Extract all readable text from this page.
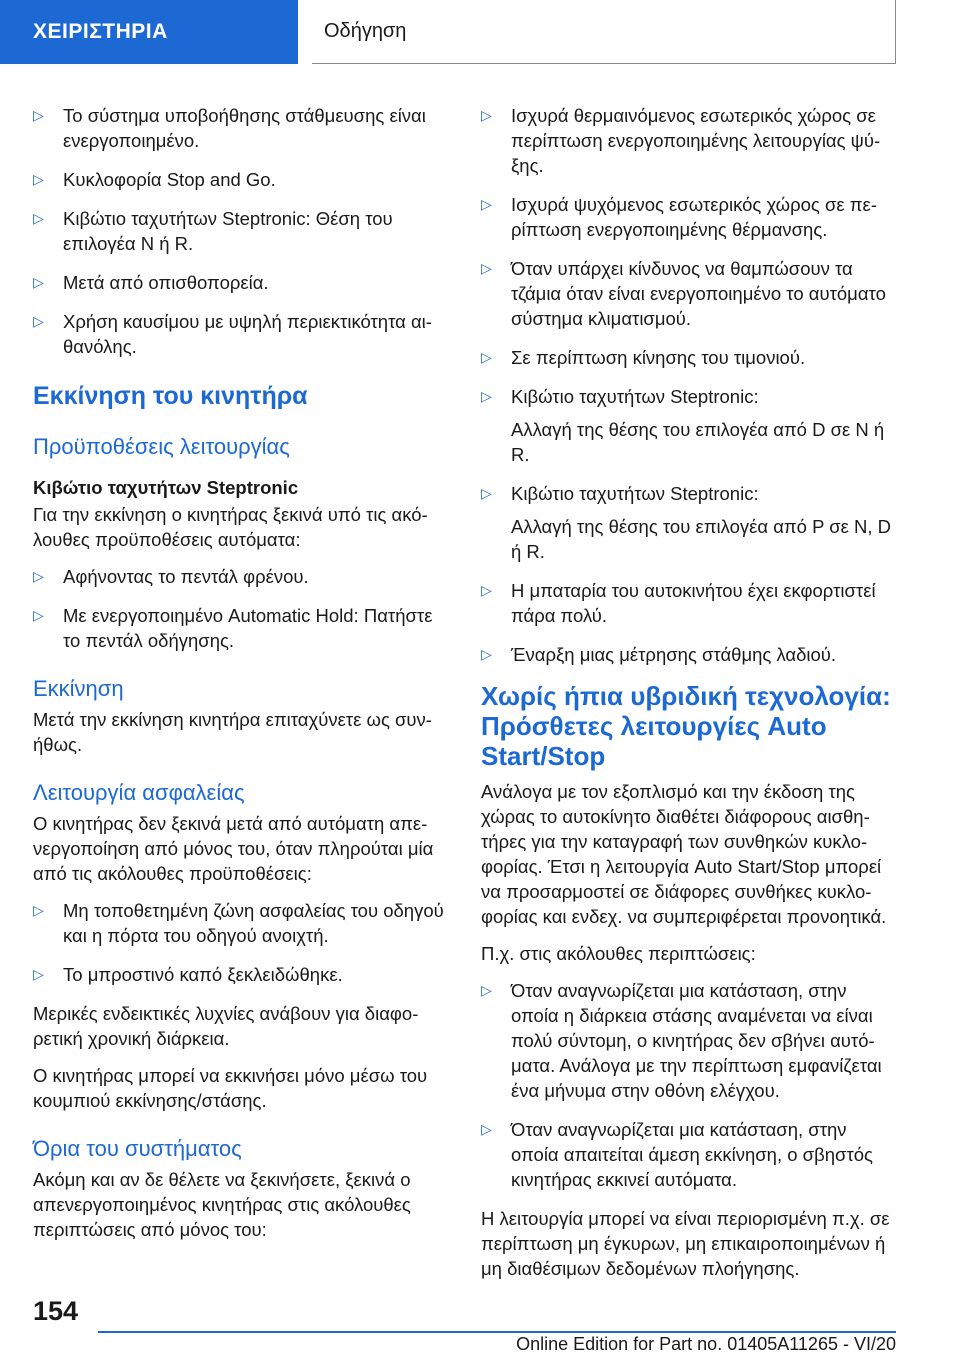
ΧΕΙΡΙΣΤΗΡΙΑ	Οδήγηση
▷ Το σύστημα υποβοήθησης στάθμευσης είναι ενεργοποιημένο.
▷ Κυκλοφορία Stop and Go.
▷ Κιβώτιο ταχυτήτων Steptronic: Θέση του επιλογέα N ή R.
▷ Μετά από οπισθοπορεία.
▷ Χρήση καυσίμου με υψηλή περιεκτικότητα αιθανόλης.
Εκκίνηση του κινητήρα
Προϋποθέσεις λειτουργίας
Κιβώτιο ταχυτήτων Steptronic
Για την εκκίνηση ο κινητήρας ξεκινά υπό τις ακόλουθες προϋποθέσεις αυτόματα:
▷ Αφήνοντας το πεντάλ φρένου.
▷ Με ενεργοποιημένο Automatic Hold: Πατήστε το πεντάλ οδήγησης.
Εκκίνηση
Μετά την εκκίνηση κινητήρα επιταχύνετε ως συνήθως.
Λειτουργία ασφαλείας
Ο κινητήρας δεν ξεκινά μετά από αυτόματη απενεργοποίηση από μόνος του, όταν πληρούται μία από τις ακόλουθες προϋποθέσεις:
▷ Μη τοποθετημένη ζώνη ασφαλείας του οδηγού και η πόρτα του οδηγού ανοιχτή.
▷ Το μπροστινό καπό ξεκλειδώθηκε.
Μερικές ενδεικτικές λυχνίες ανάβουν για διαφορετική χρονική διάρκεια.
Ο κινητήρας μπορεί να εκκινήσει μόνο μέσω του κουμπιού εκκίνησης/στάσης.
Όρια του συστήματος
Ακόμη και αν δε θέλετε να ξεκινήσετε, ξεκινά ο απενεργοποιημένος κινητήρας στις ακόλουθες περιπτώσεις από μόνος του:
▷ Ισχυρά θερμαινόμενος εσωτερικός χώρος σε περίπτωση ενεργοποιημένης λειτουργίας ψύξης.
▷ Ισχυρά ψυχόμενος εσωτερικός χώρος σε περίπτωση ενεργοποιημένης θέρμανσης.
▷ Όταν υπάρχει κίνδυνος να θαμπώσουν τα τζάμια όταν είναι ενεργοποιημένο το αυτόματο σύστημα κλιματισμού.
▷ Σε περίπτωση κίνησης του τιμονιού.
▷ Κιβώτιο ταχυτήτων Steptronic:
Αλλαγή της θέσης του επιλογέα από D σε N ή R.
▷ Κιβώτιο ταχυτήτων Steptronic:
Αλλαγή της θέσης του επιλογέα από P σε N, D ή R.
▷ Η μπαταρία του αυτοκινήτου έχει εκφορτιστεί πάρα πολύ.
▷ Έναρξη μιας μέτρησης στάθμης λαδιού.
Χωρίς ήπια υβριδική τεχνολογία: Πρόσθετες λειτουργίες Auto Start/Stop
Ανάλογα με τον εξοπλισμό και την έκδοση της χώρας το αυτοκίνητο διαθέτει διάφορους αισθητήρες για την καταγραφή των συνθηκών κυκλοφορίας. Έτσι η λειτουργία Auto Start/Stop μπορεί να προσαρμοστεί σε διάφορες συνθήκες κυκλοφορίας και ενδεχ. να συμπεριφέρεται προνοητικά.
Π.χ. στις ακόλουθες περιπτώσεις:
▷ Όταν αναγνωρίζεται μια κατάσταση, στην οποία η διάρκεια στάσης αναμένεται να είναι πολύ σύντομη, ο κινητήρας δεν σβήνει αυτόματα. Ανάλογα με την περίπτωση εμφανίζεται ένα μήνυμα στην οθόνη ελέγχου.
▷ Όταν αναγνωρίζεται μια κατάσταση, στην οποία απαιτείται άμεση εκκίνηση, ο σβηστός κινητήρας εκκινεί αυτόματα.
Η λειτουργία μπορεί να είναι περιορισμένη π.χ. σε περίπτωση μη έγκυρων, μη επικαιροποιημένων ή μη διαθέσιμων δεδομένων πλοήγησης.
154
Online Edition for Part no. 01405A11265 - VI/20
